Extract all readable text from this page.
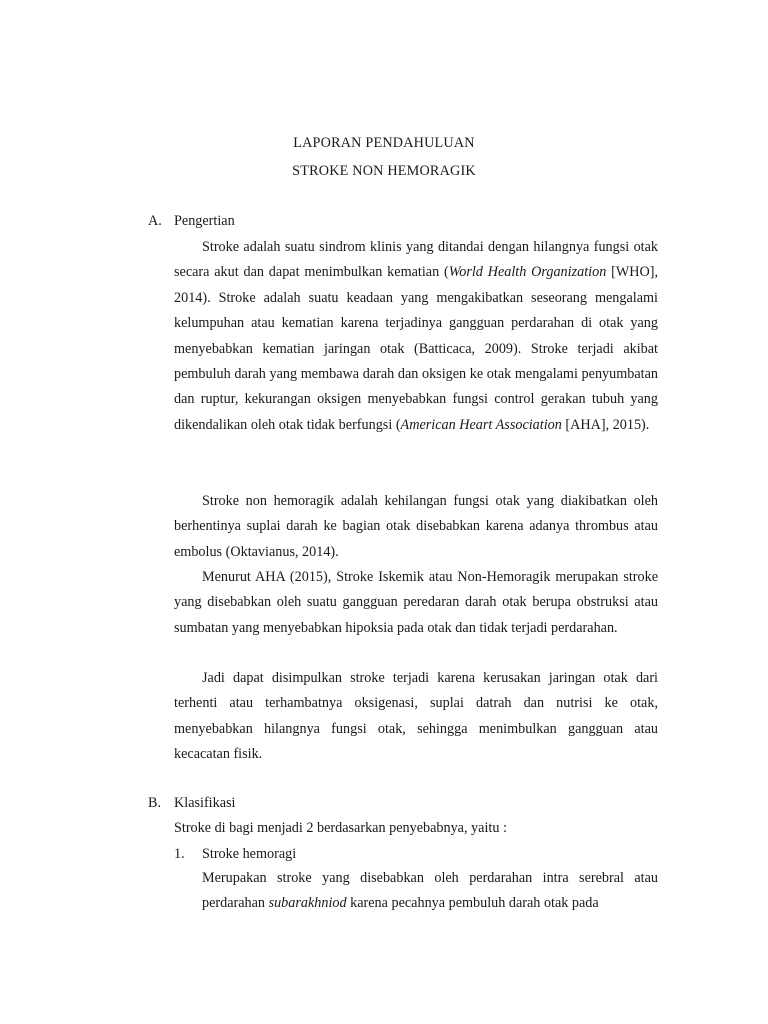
LAPORAN PENDAHULUAN
STROKE NON HEMORAGIK
A. Pengertian

Stroke adalah suatu sindrom klinis yang ditandai dengan hilangnya fungsi otak secara akut dan dapat menimbulkan kematian (World Health Organization [WHO], 2014). Stroke adalah suatu keadaan yang mengakibatkan seseorang mengalami kelumpuhan atau kematian karena terjadinya gangguan perdarahan di otak yang menyebabkan kematian jaringan otak (Batticaca, 2009). Stroke terjadi akibat pembuluh darah yang membawa darah dan oksigen ke otak mengalami penyumbatan dan ruptur, kekurangan oksigen menyebabkan fungsi control gerakan tubuh yang dikendalikan oleh otak tidak berfungsi (American Heart Association [AHA], 2015).

Stroke non hemoragik adalah kehilangan fungsi otak yang diakibatkan oleh berhentinya suplai darah ke bagian otak disebabkan karena adanya thrombus atau embolus (Oktavianus, 2014).

Menurut AHA (2015), Stroke Iskemik atau Non-Hemoragik merupakan stroke yang disebabkan oleh suatu gangguan peredaran darah otak berupa obstruksi atau sumbatan yang menyebabkan hipoksia pada otak dan tidak terjadi perdarahan.

Jadi dapat disimpulkan stroke terjadi karena kerusakan jaringan otak dari terhenti atau terhambatnya oksigenasi, suplai datrah dan nutrisi ke otak, menyebabkan hilangnya fungsi otak, sehingga menimbulkan gangguan atau kecacatan fisik.

B. Klasifikasi

Stroke di bagi menjadi 2 berdasarkan penyebabnya, yaitu :

1. Stroke hemoragi

Merupakan stroke yang disebabkan oleh perdarahan intra serebral atau perdarahan subarakhniod karena pecahnya pembuluh darah otak pada
